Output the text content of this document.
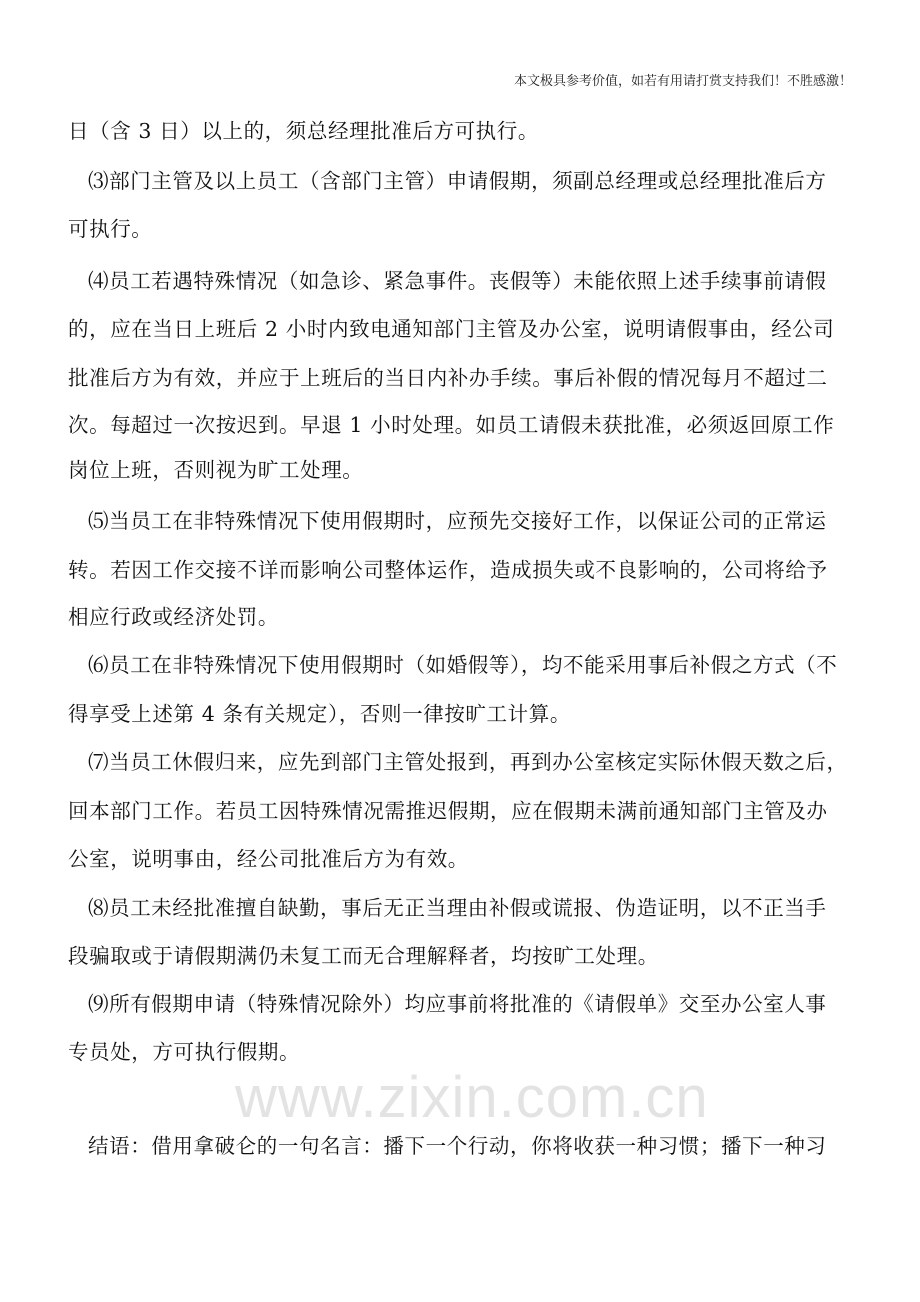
本文极具参考价值，如若有用请打赏支持我们！不胜感激！
日（含 3 日）以上的，须总经理批准后方可执行。
⑶部门主管及以上员工（含部门主管）申请假期，须副总经理或总经理批准后方
可执行。
⑷员工若遇特殊情况（如急诊、紧急事件。丧假等）未能依照上述手续事前请假
的，应在当日上班后 2 小时内致电通知部门主管及办公室，说明请假事由，经公司
批准后方为有效，并应于上班后的当日内补办手续。事后补假的情况每月不超过二
次。每超过一次按迟到。早退 1 小时处理。如员工请假未获批准，必须返回原工作
岗位上班，否则视为旷工处理。
⑸当员工在非特殊情况下使用假期时，应预先交接好工作，以保证公司的正常运
转。若因工作交接不详而影响公司整体运作，造成损失或不良影响的，公司将给予
相应行政或经济处罚。
⑹员工在非特殊情况下使用假期时（如婚假等），均不能采用事后补假之方式（不
得享受上述第 4 条有关规定），否则一律按旷工计算。
⑺当员工休假归来，应先到部门主管处报到，再到办公室核定实际休假天数之后，
回本部门工作。若员工因特殊情况需推迟假期，应在假期未满前通知部门主管及办
公室，说明事由，经公司批准后方为有效。
⑻员工未经批准擅自缺勤，事后无正当理由补假或谎报、伪造证明，以不正当手
段骗取或于请假期满仍未复工而无合理解释者，均按旷工处理。
⑼所有假期申请（特殊情况除外）均应事前将批准的《请假单》交至办公室人事
专员处，方可执行假期。
www.zixin.com.cn
结语：借用拿破仑的一句名言：播下一个行动，你将收获一种习惯；播下一种习
